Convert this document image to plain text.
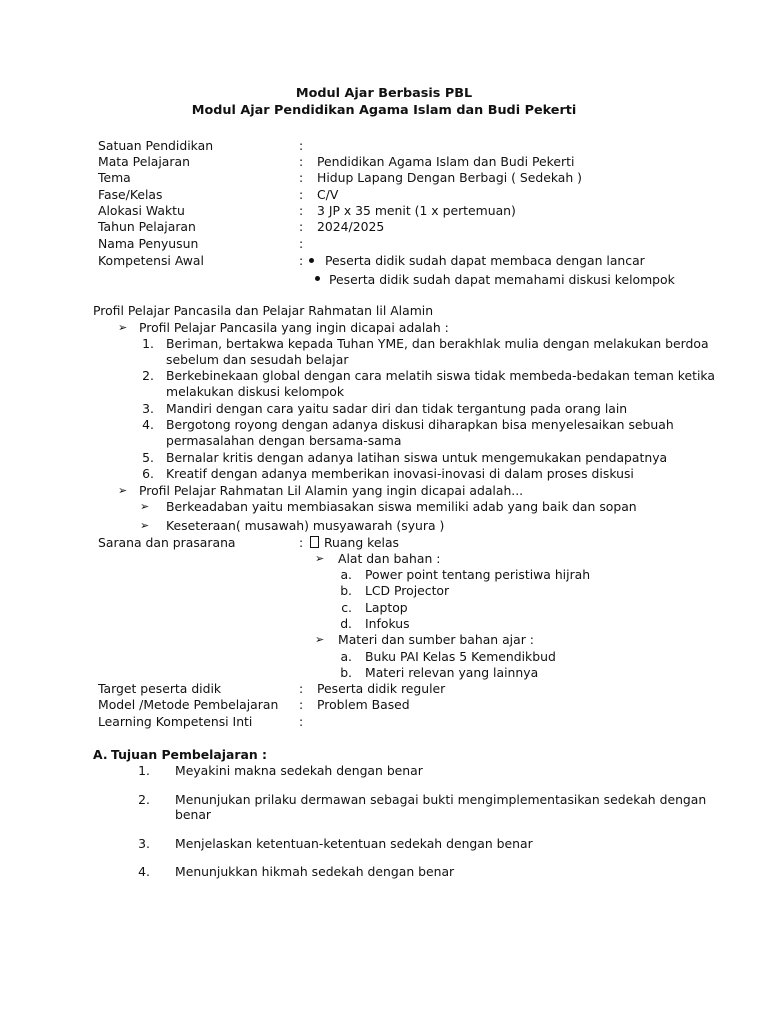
Modul Ajar Berbasis PBL
Modul Ajar Pendidikan Agama Islam dan Budi Pekerti
Satuan Pendidikan	:
Mata Pelajaran	: Pendidikan Agama Islam dan Budi Pekerti
Tema	: Hidup Lapang Dengan Berbagi ( Sedekah )
Fase/Kelas	: C/V
Alokasi Waktu	: 3 JP x 35 menit (1 x pertemuan)
Tahun Pelajaran	: 2024/2025
Nama Penyusun	:
Kompetensi Awal	: Peserta didik sudah dapat membaca dengan lancar
Peserta didik sudah dapat memahami diskusi kelompok
Profil Pelajar Pancasila dan Pelajar Rahmatan lil Alamin
➢ Profil Pelajar Pancasila yang ingin dicapai adalah :
1. Beriman, bertakwa kepada Tuhan YME, dan berakhlak mulia dengan melakukan berdoa
sebelum dan sesudah belajar
2. Berkebinekaan global dengan cara melatih siswa tidak membeda-bedakan teman ketika
melakukan diskusi kelompok
3. Mandiri dengan cara yaitu sadar diri dan tidak tergantung pada orang lain
4. Bergotong royong dengan adanya diskusi diharapkan bisa menyelesaikan sebuah
permasalahan dengan bersama-sama
5. Bernalar kritis dengan adanya latihan siswa untuk mengemukakan pendapatnya
6. Kreatif dengan adanya memberikan inovasi-inovasi di dalam proses diskusi
➢ Profil Pelajar Rahmatan Lil Alamin yang ingin dicapai adalah...
➢ Berkeadaban yaitu membiasakan siswa memiliki adab yang baik dan sopan
➢ Keseteraan( musawah) musyawarah (syura )
Sarana dan prasarana	:	Ruang kelas
➢ Alat dan bahan :
a. Power point tentang peristiwa hijrah
b. LCD Projector
c. Laptop
d. Infokus
➢ Materi dan sumber bahan ajar :
a. Buku PAI Kelas 5 Kemendikbud
b. Materi relevan yang lainnya
Target peserta didik	: Peserta didik reguler
Model /Metode Pembelajaran : Problem Based
Learning Kompetensi Inti	:
A. Tujuan Pembelajaran :
1. Meyakini makna sedekah dengan benar
2. Menunjukan prilaku dermawan sebagai bukti mengimplementasikan sedekah dengan
benar
3. Menjelaskan ketentuan-ketentuan sedekah dengan benar
4. Menunjukkan hikmah sedekah dengan benar
